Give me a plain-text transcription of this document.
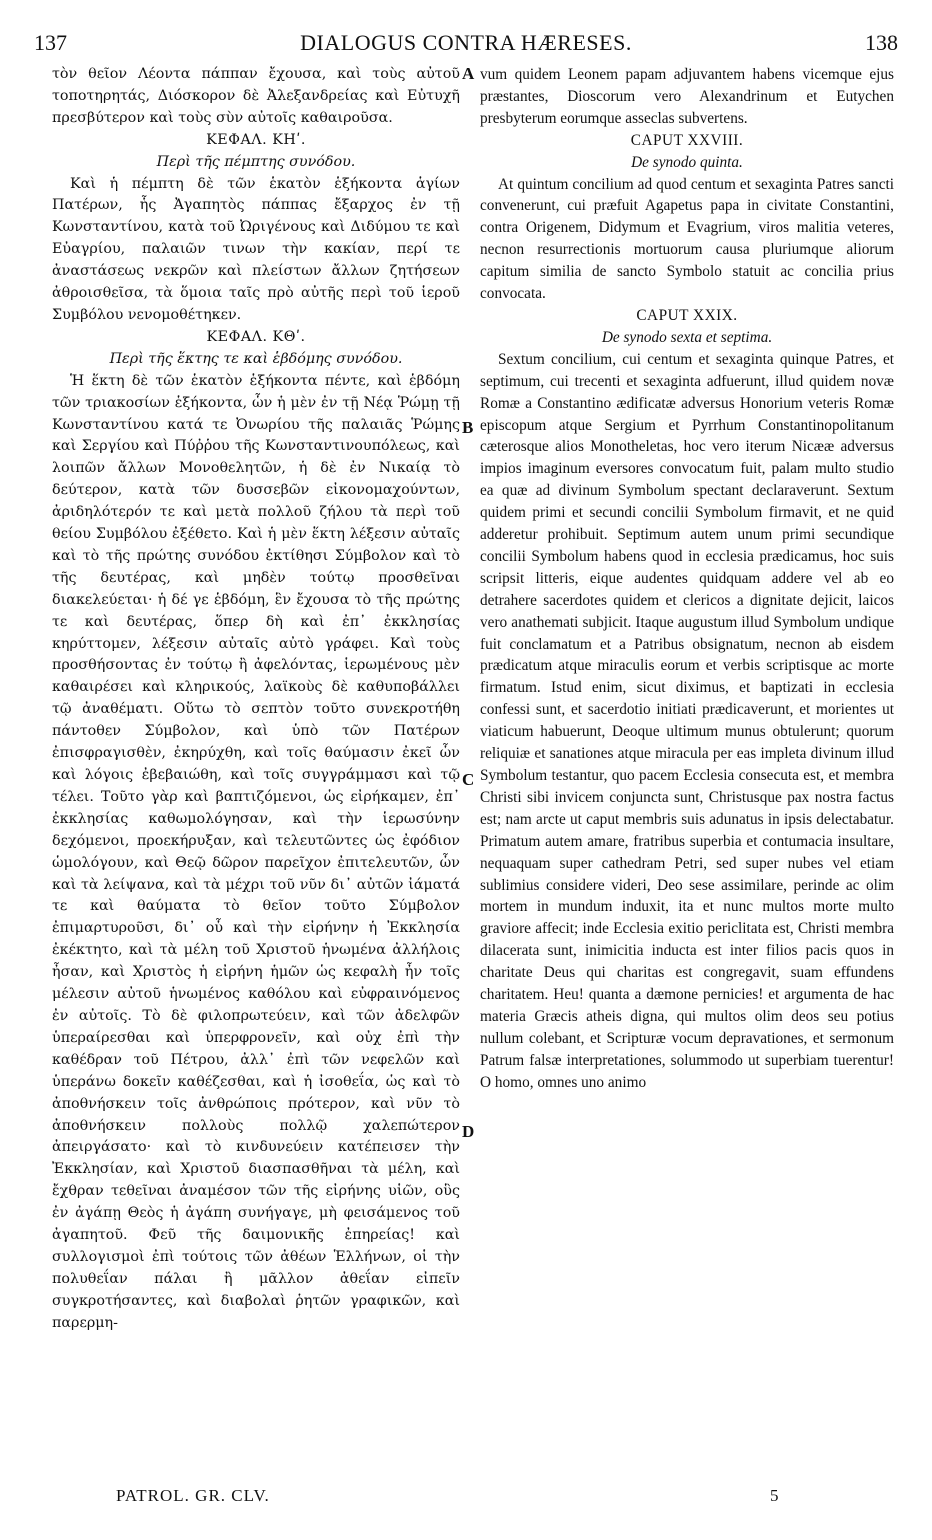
137	DIALOGUS CONTRA HÆRESES.	138

τὸν θεῖον Λέοντα πάππαν ἔχουσα, καὶ τοὺς αὐτοῦ τοποτηρητάς, Διόσκορον δὲ Ἀλεξανδρείας καὶ Εὐτυχῆ πρεσβύτερον καὶ τοὺς σὺν αὐτοῖς καθαιροῦσα.

ΚΕΦΑΛ. ΚΗʹ.

Περὶ τῆς πέμπτης συνόδου.

Καὶ ἡ πέμπτη δὲ τῶν ἑκατὸν ἑξήκοντα ἁγίων Πατέρων, ἧς Ἀγαπητὸς πάππας ἔξαρχος ἐν τῇ Κωνσταντίνου, κατὰ τοῦ Ὠριγένους καὶ Διδύμου τε καὶ Εὐαγρίου, παλαιῶν τινων τὴν κακίαν, περί τε ἀναστάσεως νεκρῶν καὶ πλείστων ἄλλων ζητήσεων ἀθροισθεῖσα, τὰ ὅμοια ταῖς πρὸ αὐτῆς περὶ τοῦ ἱεροῦ Συμβόλου νενομοθέτηκεν.

ΚΕΦΑΛ. ΚΘʹ.

Περὶ τῆς ἕκτης τε καὶ ἑβδόμης συνόδου.

Ἡ ἕκτη δὲ τῶν ἑκατὸν ἑξήκοντα πέντε, καὶ ἑβδόμη τῶν τριακοσίων ἑξήκοντα, ὧν ἡ μὲν ἐν τῇ Νέᾳ Ῥώμῃ τῇ Κωνσταντίνου κατά τε Ὀνωρίου τῆς παλαιᾶς Ῥώμης καὶ Σεργίου καὶ Πύῤῥου τῆς Κωνσταντινουπόλεως, καὶ λοιπῶν ἄλλων Μονοθελητῶν, ἡ δὲ ἐν Νικαίᾳ τὸ δεύτερον, κατὰ τῶν δυσσεβῶν εἰκονομαχούντων, ἀριδηλότερόν τε καὶ μετὰ πολλοῦ ζήλου τὰ περὶ τοῦ θείου Συμβόλου ἐξέθετο. Καὶ ἡ μὲν ἕκτη λέξεσιν αὐταῖς καὶ τὸ τῆς πρώτης συνόδου ἐκτίθησι Σύμβολον καὶ τὸ τῆς δευτέρας, καὶ μηδὲν τούτῳ προσθεῖναι διακελεύεται· ἡ δέ γε ἑβδόμη, ἓν ἔχουσα τὸ τῆς πρώτης τε καὶ δευτέρας, ὅπερ δὴ καὶ ἐπ᾽ ἐκκλησίας κηρύττομεν, λέξεσιν αὐταῖς αὐτὸ γράφει. Καὶ τοὺς προσθήσοντας ἐν τούτῳ ἢ ἀφελόντας, ἱερωμένους μὲν καθαιρέσει καὶ κληρικούς, λαϊκοὺς δὲ καθυποβάλλει τῷ ἀναθέματι. Οὕτω τὸ σεπτὸν τοῦτο συνεκροτήθη πάντοθεν Σύμβολον, καὶ ὑπὸ τῶν Πατέρων ἐπισφραγισθὲν, ἐκηρύχθη, καὶ τοῖς θαύμασιν ἐκεῖ ὧν καὶ λόγοις ἐβεβαιώθη, καὶ τοῖς συγγράμμασι καὶ τῷ τέλει. Τοῦτο γὰρ καὶ βαπτιζόμενοι, ὡς εἰρήκαμεν, ἐπ᾽ ἐκκλησίας καθωμολόγησαν, καὶ τὴν ἱερωσύνην δεχόμενοι, προεκήρυξαν, καὶ τελευτῶντες ὡς ἐφόδιον ὡμολόγουν, καὶ Θεῷ δῶρον παρεῖχον ἐπιτελευτῶν, ὧν καὶ τὰ λείψανα, καὶ τὰ μέχρι τοῦ νῦν δι᾽ αὐτῶν ἰάματά τε καὶ θαύματα τὸ θεῖον τοῦτο Σύμβολον ἐπιμαρτυροῦσι, δι᾽ οὗ καὶ τὴν εἰρήνην ἡ Ἐκκλησία ἐκέκτητο, καὶ τὰ μέλη τοῦ Χριστοῦ ἡνωμένα ἀλλήλοις ἦσαν, καὶ Χριστὸς ἡ εἰρήνη ἡμῶν ὡς κεφαλὴ ἦν τοῖς μέλεσιν αὐτοῦ ἡνωμένος καθόλου καὶ εὐφραινόμενος ἐν αὐτοῖς. Τὸ δὲ φιλοπρωτεύειν, καὶ τῶν ἀδελφῶν ὑπεραίρεσθαι καὶ ὑπερφρονεῖν, καὶ οὐχ ἐπὶ τὴν καθέδραν τοῦ Πέτρου, ἀλλ᾽ ἐπὶ τῶν νεφελῶν καὶ ὑπεράνω δοκεῖν καθέζεσθαι, καὶ ἡ ἰσοθεΐα, ὡς καὶ τὸ ἀποθνήσκειν τοῖς ἀνθρώποις πρότερον, καὶ νῦν τὸ ἀποθνήσκειν πολλοὺς πολλῷ χαλεπώτερον ἀπειργάσατο· καὶ τὸ κινδυνεύειν κατέπεισεν τὴν Ἐκκλησίαν, καὶ Χριστοῦ διασπασθῆναι τὰ μέλη, καὶ ἔχθραν τεθεῖναι ἀναμέσον τῶν τῆς εἰρήνης υἱῶν, οὓς ἐν ἀγάπῃ Θεὸς ἡ ἀγάπη συνήγαγε, μὴ φεισάμενος τοῦ ἀγαπητοῦ. Φεῦ τῆς δαιμονικῆς ἐπηρείας! καὶ συλλογισμοὶ ἐπὶ τούτοις τῶν ἀθέων Ἑλλήνων, οἱ τὴν πολυθεΐαν πάλαι ἢ μᾶλλον ἀθεΐαν εἰπεῖν συγκροτήσαντες, καὶ διαβολαὶ ῥητῶν γραφικῶν, καὶ παρερμη-

A
B
C
D

vum quidem Leonem papam adjuvantem habens vicemque ejus præstantes, Dioscorum vero Alexandrinum et Eutychen presbyterum eorumque asseclas subvertens.

CAPUT XXVIII.

De synodo quinta.

At quintum concilium ad quod centum et sexaginta Patres sancti convenerunt, cui præfuit Agapetus papa in civitate Constantini, contra Origenem, Didymum et Evagrium, viros malitia veteres, necnon resurrectionis mortuorum causa pluriumque aliorum capitum similia de sancto Symbolo statuit ac concilia prius convocata.

CAPUT XXIX.

De synodo sexta et septima.

Sextum concilium, cui centum et sexaginta quinque Patres, et septimum, cui trecenti et sexaginta adfuerunt, illud quidem novæ Romæ a Constantino ædificatæ adversus Honorium veteris Romæ episcopum atque Sergium et Pyrrhum Constantinopolitanum cæterosque alios Monotheletas, hoc vero iterum Nicææ adversus impios imaginum eversores convocatum fuit, palam multo studio ea quæ ad divinum Symbolum spectant declaraverunt. Sextum quidem primi et secundi concilii Symbolum firmavit, et ne quid adderetur prohibuit. Septimum autem unum primi secundique concilii Symbolum habens quod in ecclesia prædicamus, hoc suis scripsit litteris, eique audentes quidquam addere vel ab eo detrahere sacerdotes quidem et clericos a dignitate dejicit, laicos vero anathemati subjicit. Itaque augustum illud Symbolum undique fuit conclamatum et a Patribus obsignatum, necnon ab eisdem prædicatum atque miraculis eorum et verbis scriptisque ac morte firmatum. Istud enim, sicut diximus, et baptizati in ecclesia confessi sunt, et sacerdotio initiati prædicaverunt, et morientes ut viaticum habuerunt, Deoque ultimum munus obtulerunt; quorum reliquiæ et sanationes atque miracula per eas impleta divinum illud Symbolum testantur, quo pacem Ecclesia consecuta est, et membra Christi sibi invicem conjuncta sunt, Christusque pax nostra factus est; nam arcte ut caput membris suis adunatus in ipsis delectabatur. Primatum autem amare, fratribus superbia et contumacia insultare, nequaquam super cathedram Petri, sed super nubes vel etiam sublimius considere videri, Deo sese assimilare, perinde ac olim mortem in mundum induxit, ita et nunc multos morte multo graviore affecit; inde Ecclesia exitio periclitata est, Christi membra dilacerata sunt, inimicitia inducta est inter filios pacis quos in charitate Deus qui charitas est congregavit, suam effundens charitatem. Heu! quanta a dæmone pernicies! et argumenta de hac materia Græcis atheis digna, qui multos olim deos seu potius nullum colebant, et Scripturæ vocum depravationes, et sermonum Patrum falsæ interpretationes, solummodo ut superbiam tuerentur! O homo, omnes uno animo

PATROL. GR. CLV.	5
